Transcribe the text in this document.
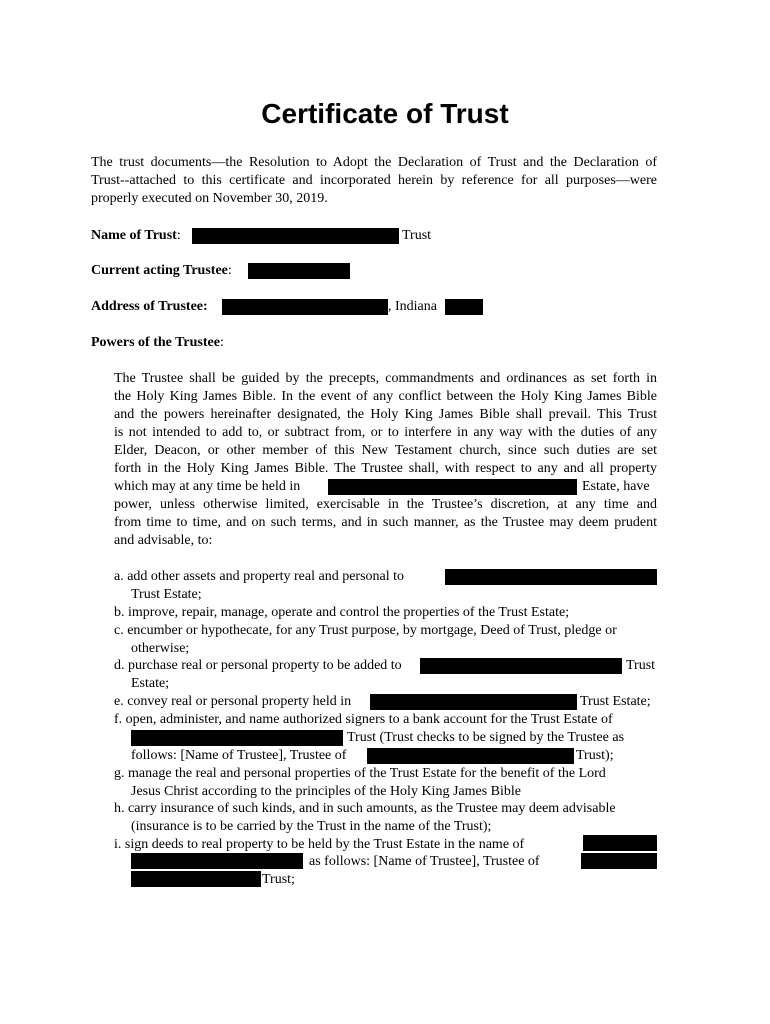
Certificate of Trust
The trust documents—the Resolution to Adopt the Declaration of Trust and the Declaration of
Trust--attached to this certificate and incorporated herein by reference for all purposes—were
properly executed on November 30, 2019.
Name of Trust:	Trust
Current acting Trustee:
Address of Trustee:	, Indiana
Powers of the Trustee:
The Trustee shall be guided by the precepts, commandments and ordinances as set forth in
the Holy King James Bible. In the event of any conflict between the Holy King James Bible
and the powers hereinafter designated, the Holy King James Bible shall prevail. This Trust
is not intended to add to, or subtract from, or to interfere in any way with the duties of any
Elder, Deacon, or other member of this New Testament church, since such duties are set
forth in the Holy King James Bible. The Trustee shall, with respect to any and all property
which may at any time be held in	Estate, have
power, unless otherwise limited, exercisable in the Trustee’s discretion, at any time and
from time to time, and on such terms, and in such manner, as the Trustee may deem prudent
and advisable, to:
a. add other assets and property real and personal to
Trust Estate;
b. improve, repair, manage, operate and control the properties of the Trust Estate;
c. encumber or hypothecate, for any Trust purpose, by mortgage, Deed of Trust, pledge or
otherwise;
d. purchase real or personal property to be added to	Trust
Estate;
e. convey real or personal property held in	Trust Estate;
f. open, administer, and name authorized signers to a bank account for the Trust Estate of
Trust (Trust checks to be signed by the Trustee as
follows: [Name of Trustee], Trustee of	Trust);
g. manage the real and personal properties of the Trust Estate for the benefit of the Lord
Jesus Christ according to the principles of the Holy King James Bible
h. carry insurance of such kinds, and in such amounts, as the Trustee may deem advisable
(insurance is to be carried by the Trust in the name of the Trust);
i. sign deeds to real property to be held by the Trust Estate in the name of
as follows: [Name of Trustee], Trustee of
Trust;
